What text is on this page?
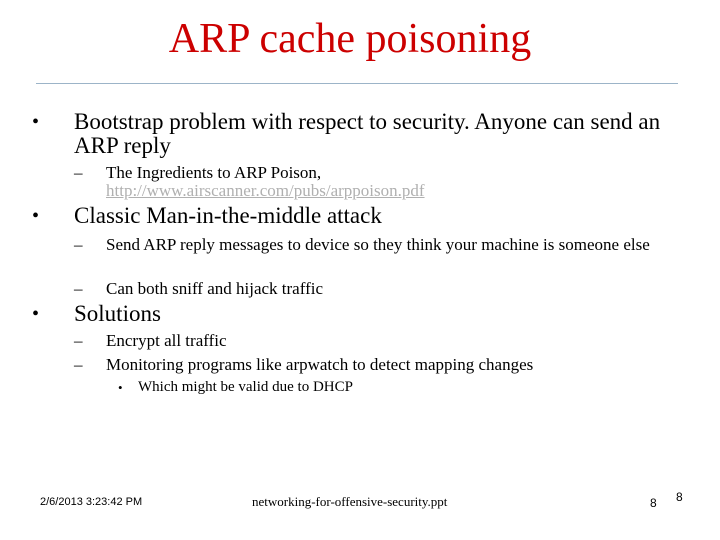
ARP cache poisoning
• Bootstrap problem with respect to security. Anyone can send an ARP reply
– The Ingredients to ARP Poison,
http://www.airscanner.com/pubs/arppoison.pdf
• Classic Man-in-the-middle attack
– Send ARP reply messages to device so they think your machine is someone else
– Can both sniff and hijack traffic
• Solutions
– Encrypt all traffic
– Monitoring programs like arpwatch to detect mapping changes
• Which might be valid due to DHCP
2/6/2013 3:23:42 PM	networking-for-offensive-security.ppt	8 8
